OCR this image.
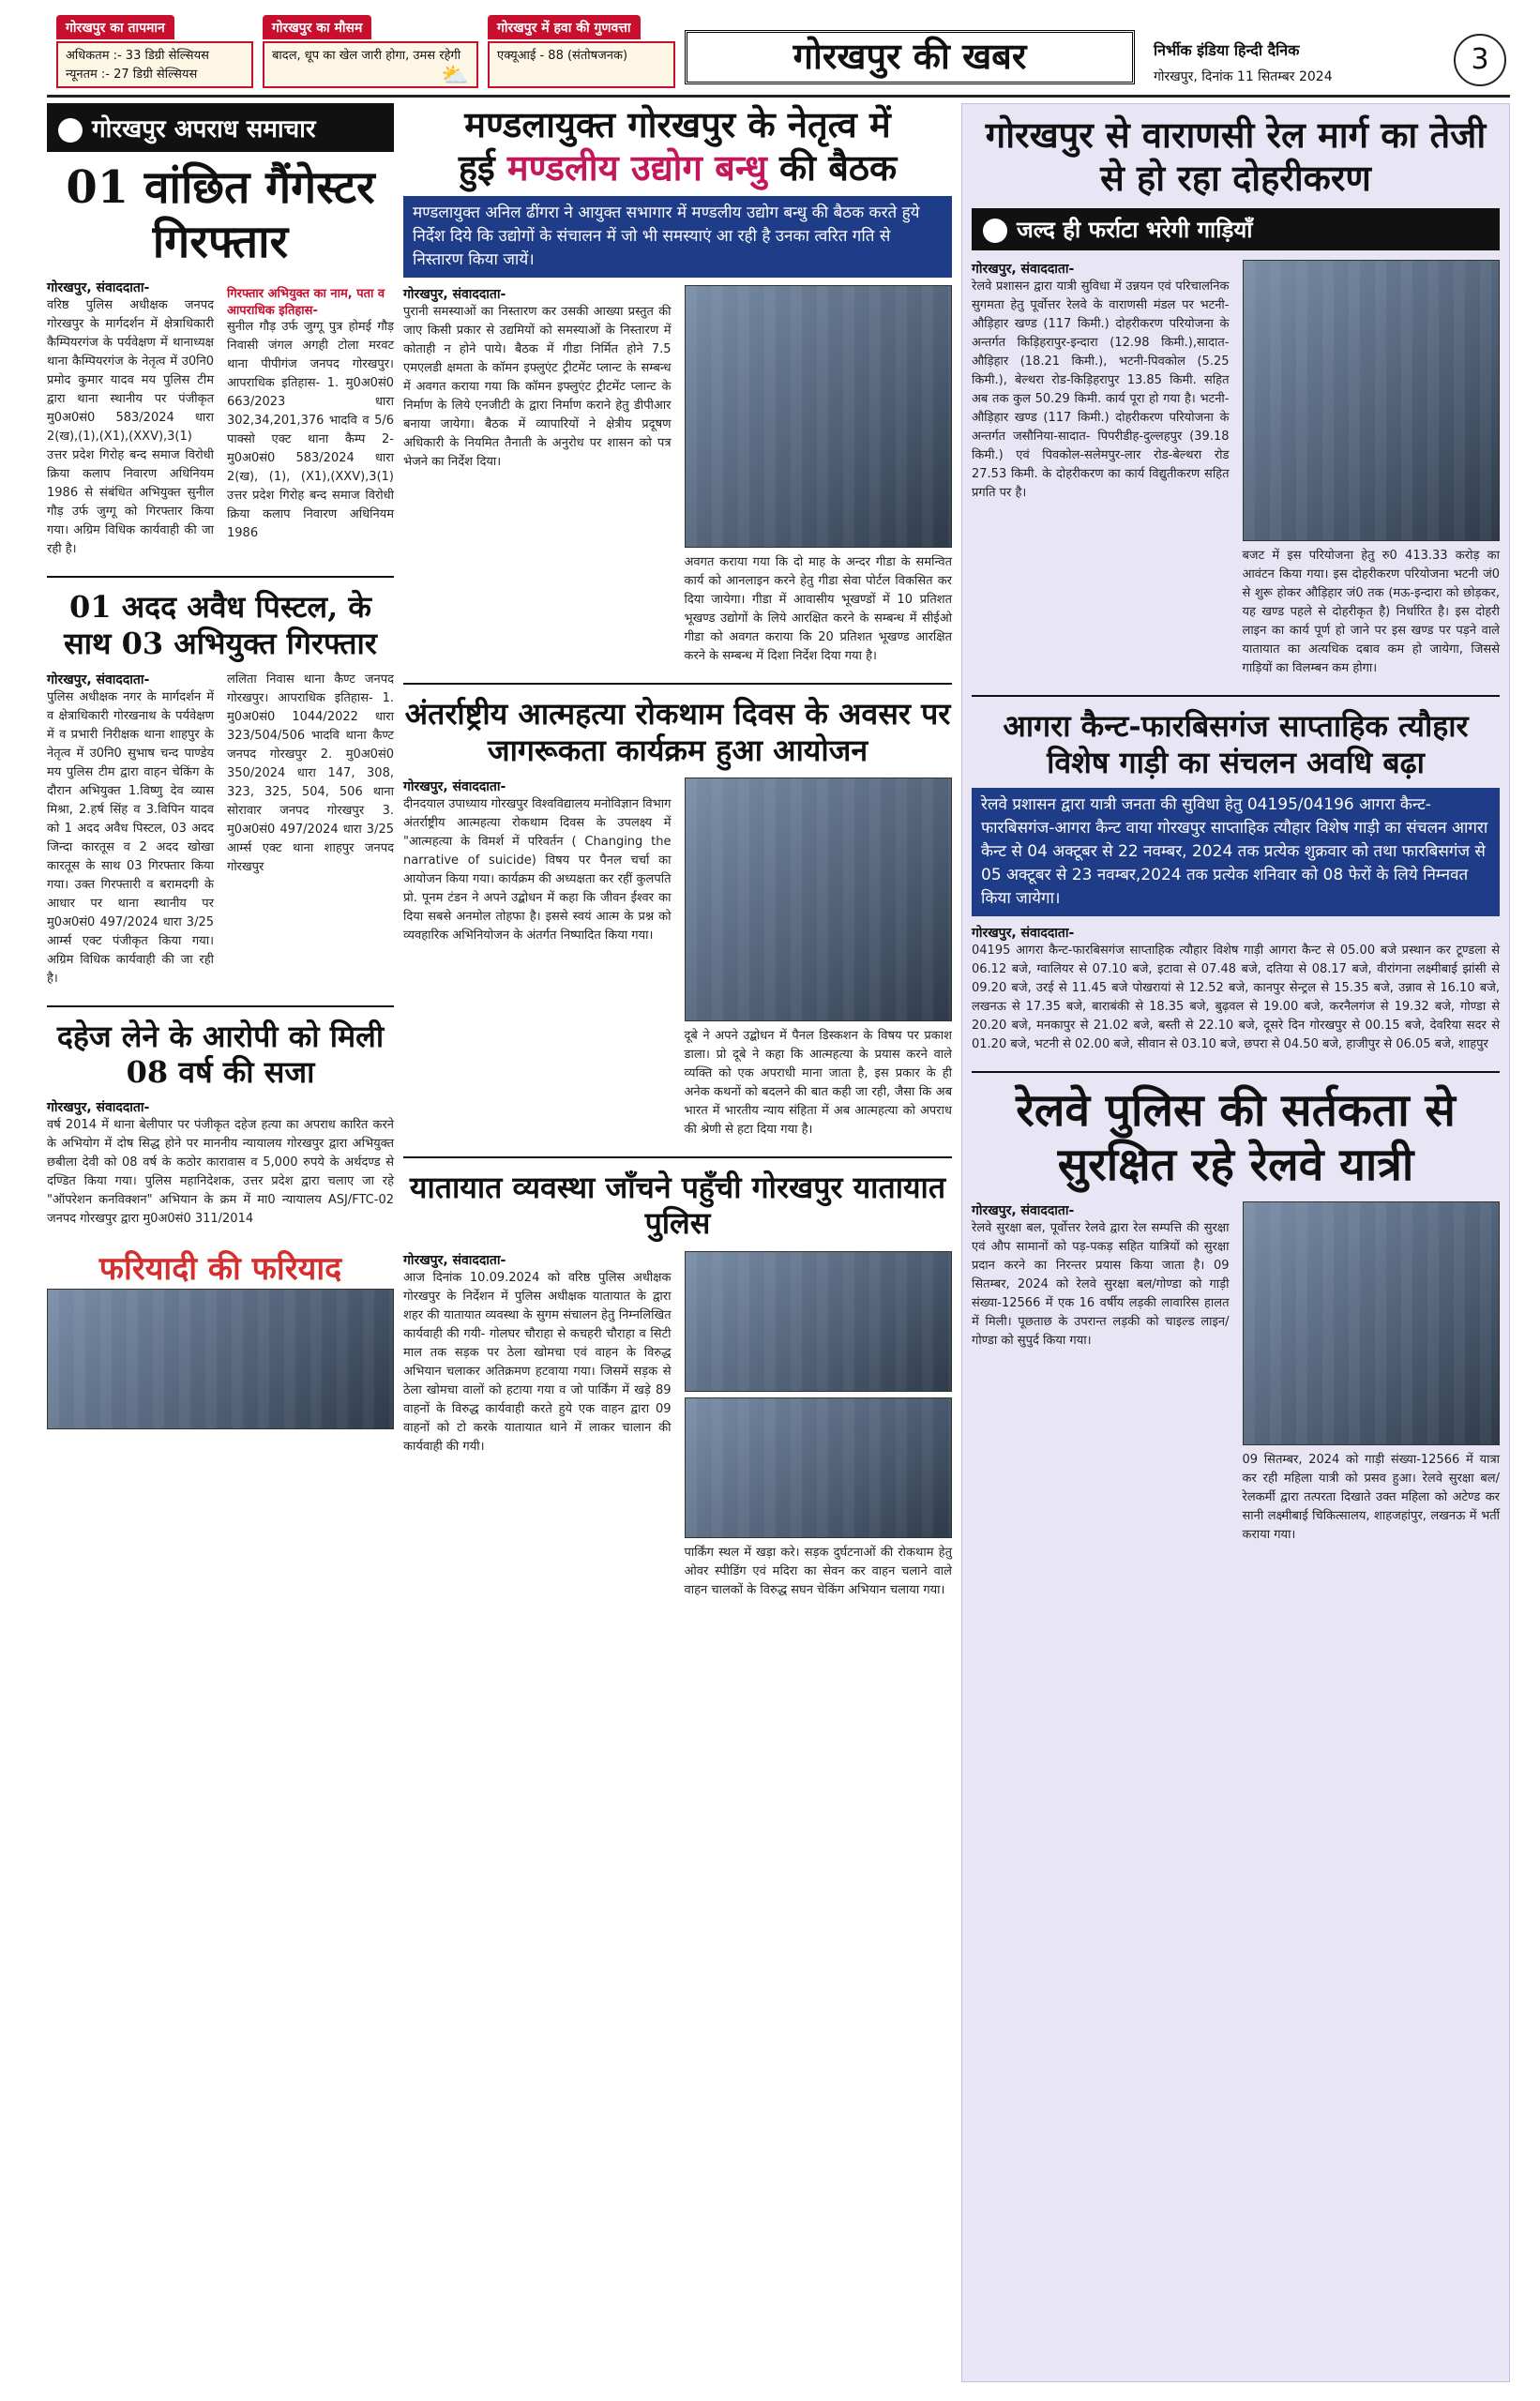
गोरखपुर का तापमान	गोरखपुर का मौसम	गोरखपुर में हवा की गुणवत्ता
अधिकतम :- 33 डिग्री सेल्सियस
न्यूनतम :- 27 डिग्री सेल्सियस
बादल, धूप का खेल जारी होगा, उमस रहेगी
⛅
एक्यूआई - 88 (संतोषजनक)	गोरखपुर की खबर	निर्भीक इंडिया हिन्दी दैनिक
गोरखपुर, दिनांक 11 सितम्बर 2024
3
गोरखपुर अपराध समाचार
01 वांछित गैंगेस्टर गिरफ्तार
गोरखपुर, संवाददाता-
वरिष्ठ पुलिस अधीक्षक जनपद गोरखपुर के मार्गदर्शन में क्षेत्राधिकारी कैम्पियरगंज के पर्यवेक्षण में थानाध्यक्ष थाना कैम्पियरगंज के नेतृत्व में उ0नि0 प्रमोद कुमार यादव मय पुलिस टीम द्वारा थाना स्थानीय पर पंजीकृत मु0अ0सं0 583/2024 धारा 2(ख),(1),(X1),(XXV),3(1) उत्तर प्रदेश गिरोह बन्द समाज विरोधी क्रिया कलाप निवारण अधिनियम 1986 से संबंधित अभियुक्त सुनील गौड़ उर्फ जुग्गू को गिरफ्तार किया गया। अग्रिम विधिक कार्यवाही की जा रही है।
गिरफ्तार अभियुक्त का नाम, पता व आपराधिक इतिहास-
सुनील गौड़ उर्फ जुग्गू पुत्र होमई गौड़ निवासी जंगल अगही टोला मरवट थाना पीपीगंज जनपद गोरखपुर। आपराधिक इतिहास- 1. मु0अ0सं0 663/2023 धारा 302,34,201,376 भादवि व 5/6 पाक्सो एक्ट थाना कैम्प 2- मु0अ0सं0 583/2024 धारा 2(ख), (1), (X1),(XXV),3(1) उत्तर प्रदेश गिरोह बन्द समाज विरोधी क्रिया कलाप निवारण अधिनियम 1986
01 अदद अवैध पिस्टल, के साथ 03 अभियुक्त गिरफ्तार
गोरखपुर, संवाददाता-
पुलिस अधीक्षक नगर के मार्गदर्शन में व क्षेत्राधिकारी गोरखनाथ के पर्यवेक्षण में व प्रभारी निरीक्षक थाना शाहपुर के नेतृत्व में उ0नि0 सुभाष चन्द पाण्डेय मय पुलिस टीम द्वारा वाहन चेकिंग के दौरान अभियुक्त 1.विष्णु देव व्यास मिश्रा, 2.हर्ष सिंह व 3.विपिन यादव को 1 अदद अवैध पिस्टल, 03 अदद जिन्दा कारतूस व 2 अदद खोखा कारतूस के साथ 03 गिरफ्तार किया गया। उक्त गिरफ्तारी व बरामदगी के आधार पर थाना स्थानीय पर मु0अ0सं0 497/2024 धारा 3/25 आर्म्स एक्ट पंजीकृत किया गया। अग्रिम विधिक कार्यवाही की जा रही है।
ललिता निवास थाना कैण्ट जनपद गोरखपुर। आपराधिक इतिहास- 1. मु0अ0सं0 1044/2022 धारा 323/504/506 भादवि थाना कैण्ट जनपद गोरखपुर 2. मु0अ0सं0 350/2024 धारा 147, 308, 323, 325, 504, 506 थाना सोरावार जनपद गोरखपुर 3. मु0अ0सं0 497/2024 धारा 3/25 आर्म्स एक्ट थाना शाहपुर जनपद गोरखपुर
दहेज लेने के आरोपी को मिली 08 वर्ष की सजा
गोरखपुर, संवाददाता-
वर्ष 2014 में थाना बेलीपार पर पंजीकृत दहेज हत्या का अपराध कारित करने के अभियोग में दोष सिद्ध होने पर माननीय न्यायालय गोरखपुर द्वारा अभियुक्त छबीला देवी को 08 वर्ष के कठोर कारावास व 5,000 रुपये के अर्थदण्ड से दण्डित किया गया। पुलिस महानिदेशक, उत्तर प्रदेश द्वारा चलाए जा रहे "ऑपरेशन कनविक्शन" अभियान के क्रम में मा0 न्यायालय ASJ/FTC-02 जनपद गोरखपुर द्वारा मु0अ0सं0 311/2014
फरियादी की फरियाद
मण्डलायुक्त गोरखपुर के नेतृत्व में
हुई मण्डलीय उद्योग बन्धु की बैठक
मण्डलायुक्त अनिल ढींगरा ने आयुक्त सभागार में मण्डलीय उद्योग बन्धु की बैठक करते हुये निर्देश दिये कि उद्योगों के संचालन में जो भी समस्याएं आ रही है उनका त्वरित गति से निस्तारण किया जायें।
गोरखपुर, संवाददाता-
पुरानी समस्याओं का निस्तारण कर उसकी आख्या प्रस्तुत की जाए किसी प्रकार से उद्यमियों को समस्याओं के निस्तारण में कोताही न होने पाये। बैठक में गीडा निर्मित होने 7.5 एमएलडी क्षमता के कॉमन इफ्लुएंट ट्रीटमेंट प्लान्ट के सम्बन्ध में अवगत कराया गया कि कॉमन इफ्लुएंट ट्रीटमेंट प्लान्ट के निर्माण के लिये एनजीटी के द्वारा निर्माण कराने हेतु डीपीआर बनाया जायेगा। बैठक में व्यापारियों ने क्षेत्रीय प्रदूषण अधिकारी के नियमित तैनाती के अनुरोध पर शासन को पत्र भेजने का निर्देश दिया।
अवगत कराया गया कि दो माह के अन्दर गीडा के समन्वित कार्य को आनलाइन करने हेतु गीडा सेवा पोर्टल विकसित कर दिया जायेगा। गीडा में आवासीय भूखण्डों में 10 प्रतिशत भूखण्ड उद्योगों के लिये आरक्षित करने के सम्बन्ध में सीईओ गीडा को अवगत कराया कि 20 प्रतिशत भूखण्ड आरक्षित करने के सम्बन्ध में दिशा निर्देश दिया गया है।
अंतर्राष्ट्रीय आत्महत्या रोकथाम दिवस के अवसर पर जागरूकता कार्यक्रम हुआ आयोजन
गोरखपुर, संवाददाता-
दीनदयाल उपाध्याय गोरखपुर विश्वविद्यालय मनोविज्ञान विभाग अंतर्राष्ट्रीय आत्महत्या रोकथाम दिवस के उपलक्ष्य में "आत्महत्या के विमर्श में परिवर्तन ( Changing the narrative of suicide) विषय पर पैनल चर्चा का आयोजन किया गया। कार्यक्रम की अध्यक्षता कर रहीं कुलपति प्रो. पूनम टंडन ने अपने उद्बोधन में कहा कि जीवन ईश्वर का दिया सबसे अनमोल तोहफा है। इससे स्वयं आत्म के प्रश्न को व्यवहारिक अभिनियोजन के अंतर्गत निष्पादित किया गया।
दूबे ने अपने उद्बोधन में पैनल डिस्कशन के विषय पर प्रकाश डाला। प्रो दूबे ने कहा कि आत्महत्या के प्रयास करने वाले व्यक्ति को एक अपराधी माना जाता है, इस प्रकार के ही अनेक कथनों को बदलने की बात कही जा रही, जैसा कि अब भारत में भारतीय न्याय संहिता में अब आत्महत्या को अपराध की श्रेणी से हटा दिया गया है।
यातायात व्यवस्था जाँचने पहुँची गोरखपुर यातायात पुलिस
गोरखपुर, संवाददाता-
आज दिनांक 10.09.2024 को वरिष्ठ पुलिस अधीक्षक गोरखपुर के निर्देशन में पुलिस अधीक्षक यातायात के द्वारा शहर की यातायात व्यवस्था के सुगम संचालन हेतु निम्नलिखित कार्यवाही की गयी- गोलघर चौराहा से कचहरी चौराहा व सिटी माल तक सड़क पर ठेला खोमचा एवं वाहन के विरुद्ध अभियान चलाकर अतिक्रमण हटवाया गया। जिसमें सड़क से ठेला खोमचा वालों को हटाया गया व जो पार्किंग में खड़े 89 वाहनों के विरुद्ध कार्यवाही करते हुये एक वाहन द्वारा 09 वाहनों को टो करके यातायात थाने में लाकर चालान की कार्यवाही की गयी।
पार्किंग स्थल में खड़ा करे। सड़क दुर्घटनाओं की रोकथाम हेतु ओवर स्पीडिंग एवं मदिरा का सेवन कर वाहन चलाने वाले वाहन चालकों के विरुद्ध सघन चेकिंग अभियान चलाया गया।
गोरखपुर से वाराणसी रेल मार्ग का तेजी से हो रहा दोहरीकरण
जल्द ही फर्राटा भरेगी गाड़ियाँ
गोरखपुर, संवाददाता-
रेलवे प्रशासन द्वारा यात्री सुविधा में उन्नयन एवं परिचालनिक सुगमता हेतु पूर्वोत्तर रेलवे के वाराणसी मंडल पर भटनी-औड़िहार खण्ड (117 किमी.) दोहरीकरण परियोजना के अन्तर्गत किड़िहरापुर-इन्दारा (12.98 किमी.),सादात-औड़िहार (18.21 किमी.), भटनी-पिवकोल (5.25 किमी.), बेल्थरा रोड-किड़िहरापुर 13.85 किमी. सहित अब तक कुल 50.29 किमी. कार्य पूरा हो गया है। भटनी-औड़िहार खण्ड (117 किमी.) दोहरीकरण परियोजना के अन्तर्गत जसौनिया-सादात- पिपरीडीह-दुल्लहपुर (39.18 किमी.) एवं पिवकोल-सलेमपुर-लार रोड-बेल्थरा रोड 27.53 किमी. के दोहरीकरण का कार्य विद्युतीकरण सहित प्रगति पर है।
बजट में इस परियोजना हेतु रु0 413.33 करोड़ का आवंटन किया गया। इस दोहरीकरण परियोजना भटनी जं0 से शुरू होकर औड़िहार जं0 तक (मऊ-इन्दारा को छोड़कर, यह खण्ड पहले से दोहरीकृत है) निर्धारित है। इस दोहरी लाइन का कार्य पूर्ण हो जाने पर इस खण्ड पर पड़ने वाले यातायात का अत्यधिक दबाव कम हो जायेगा, जिससे गाड़ियों का विलम्बन कम होगा।
आगरा कैन्ट-फारबिसगंज साप्ताहिक त्यौहार विशेष गाड़ी का संचलन अवधि बढ़ा
रेलवे प्रशासन द्वारा यात्री जनता की सुविधा हेतु 04195/04196 आगरा कैन्ट-फारबिसगंज-आगरा कैन्ट वाया गोरखपुर साप्ताहिक त्यौहार विशेष गाड़ी का संचलन आगरा कैन्ट से 04 अक्टूबर से 22 नवम्बर, 2024 तक प्रत्येक शुक्रवार को तथा फारबिसगंज से 05 अक्टूबर से 23 नवम्बर,2024 तक प्रत्येक शनिवार को 08 फेरों के लिये निम्नवत किया जायेगा।
गोरखपुर, संवाददाता-
04195 आगरा कैन्ट-फारबिसगंज साप्ताहिक त्यौहार विशेष गाड़ी आगरा कैन्ट से 05.00 बजे प्रस्थान कर टूण्डला से 06.12 बजे, ग्वालियर से 07.10 बजे, इटावा से 07.48 बजे, दतिया से 08.17 बजे, वीरांगना लक्ष्मीबाई झांसी से 09.20 बजे, उरई से 11.45 बजे पोखरायां से 12.52 बजे, कानपुर सेन्ट्रल से 15.35 बजे, उन्नाव से 16.10 बजे, लखनऊ से 17.35 बजे, बाराबंकी से 18.35 बजे, बुढ़वल से 19.00 बजे, करनैलगंज से 19.32 बजे, गोण्डा से 20.20 बजे, मनकापुर से 21.02 बजे, बस्ती से 22.10 बजे, दूसरे दिन गोरखपुर से 00.15 बजे, देवरिया सदर से 01.20 बजे, भटनी से 02.00 बजे, सीवान से 03.10 बजे, छपरा से 04.50 बजे, हाजीपुर से 06.05 बजे, शाहपुर
रेलवे पुलिस की सर्तकता से सुरक्षित रहे रेलवे यात्री
गोरखपुर, संवाददाता-
रेलवे सुरक्षा बल, पूर्वोत्तर रेलवे द्वारा रेल सम्पत्ति की सुरक्षा एवं औप सामानों को पड़-पकड़ सहित यात्रियों को सुरक्षा प्रदान करने का निरन्तर प्रयास किया जाता है। 09 सितम्बर, 2024 को रेलवे सुरक्षा बल/गोण्डा को गाड़ी संख्या-12566 में एक 16 वर्षीय लड़की लावारिस हालत में मिली। पूछताछ के उपरान्त लड़की को चाइल्ड लाइन/गोण्डा को सुपुर्द किया गया।
09 सितम्बर, 2024 को गाड़ी संख्या-12566 में यात्रा कर रही महिला यात्री को प्रसव हुआ। रेलवे सुरक्षा बल/रेलकर्मी द्वारा तत्परता दिखाते उक्त महिला को अटेण्ड कर सानी लक्ष्मीबाई चिकित्सालय, शाहजहांपुर, लखनऊ में भर्ती कराया गया।
